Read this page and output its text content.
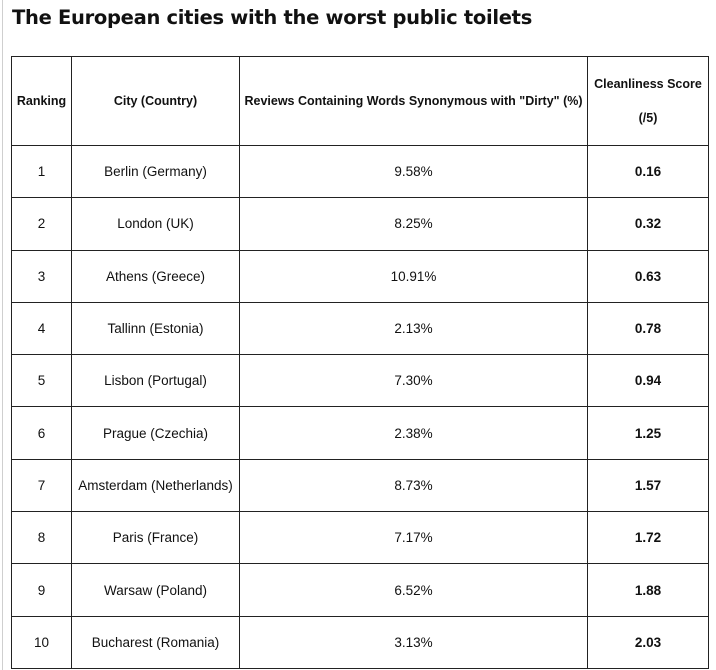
The European cities with the worst public toilets
Ranking	City (Country)	Reviews Containing Words Synonymous with "Dirty" (%)	Cleanliness Score
(/5)

1	Berlin (Germany)	9.58%	0.16
2	London (UK)	8.25%	0.32
3	Athens (Greece)	10.91%	0.63
4	Tallinn (Estonia)	2.13%	0.78
5	Lisbon (Portugal)	7.30%	0.94
6	Prague (Czechia)	2.38%	1.25
7	Amsterdam (Netherlands)	8.73%	1.57
8	Paris (France)	7.17%	1.72
9	Warsaw (Poland)	6.52%	1.88
10	Bucharest (Romania)	3.13%	2.03
